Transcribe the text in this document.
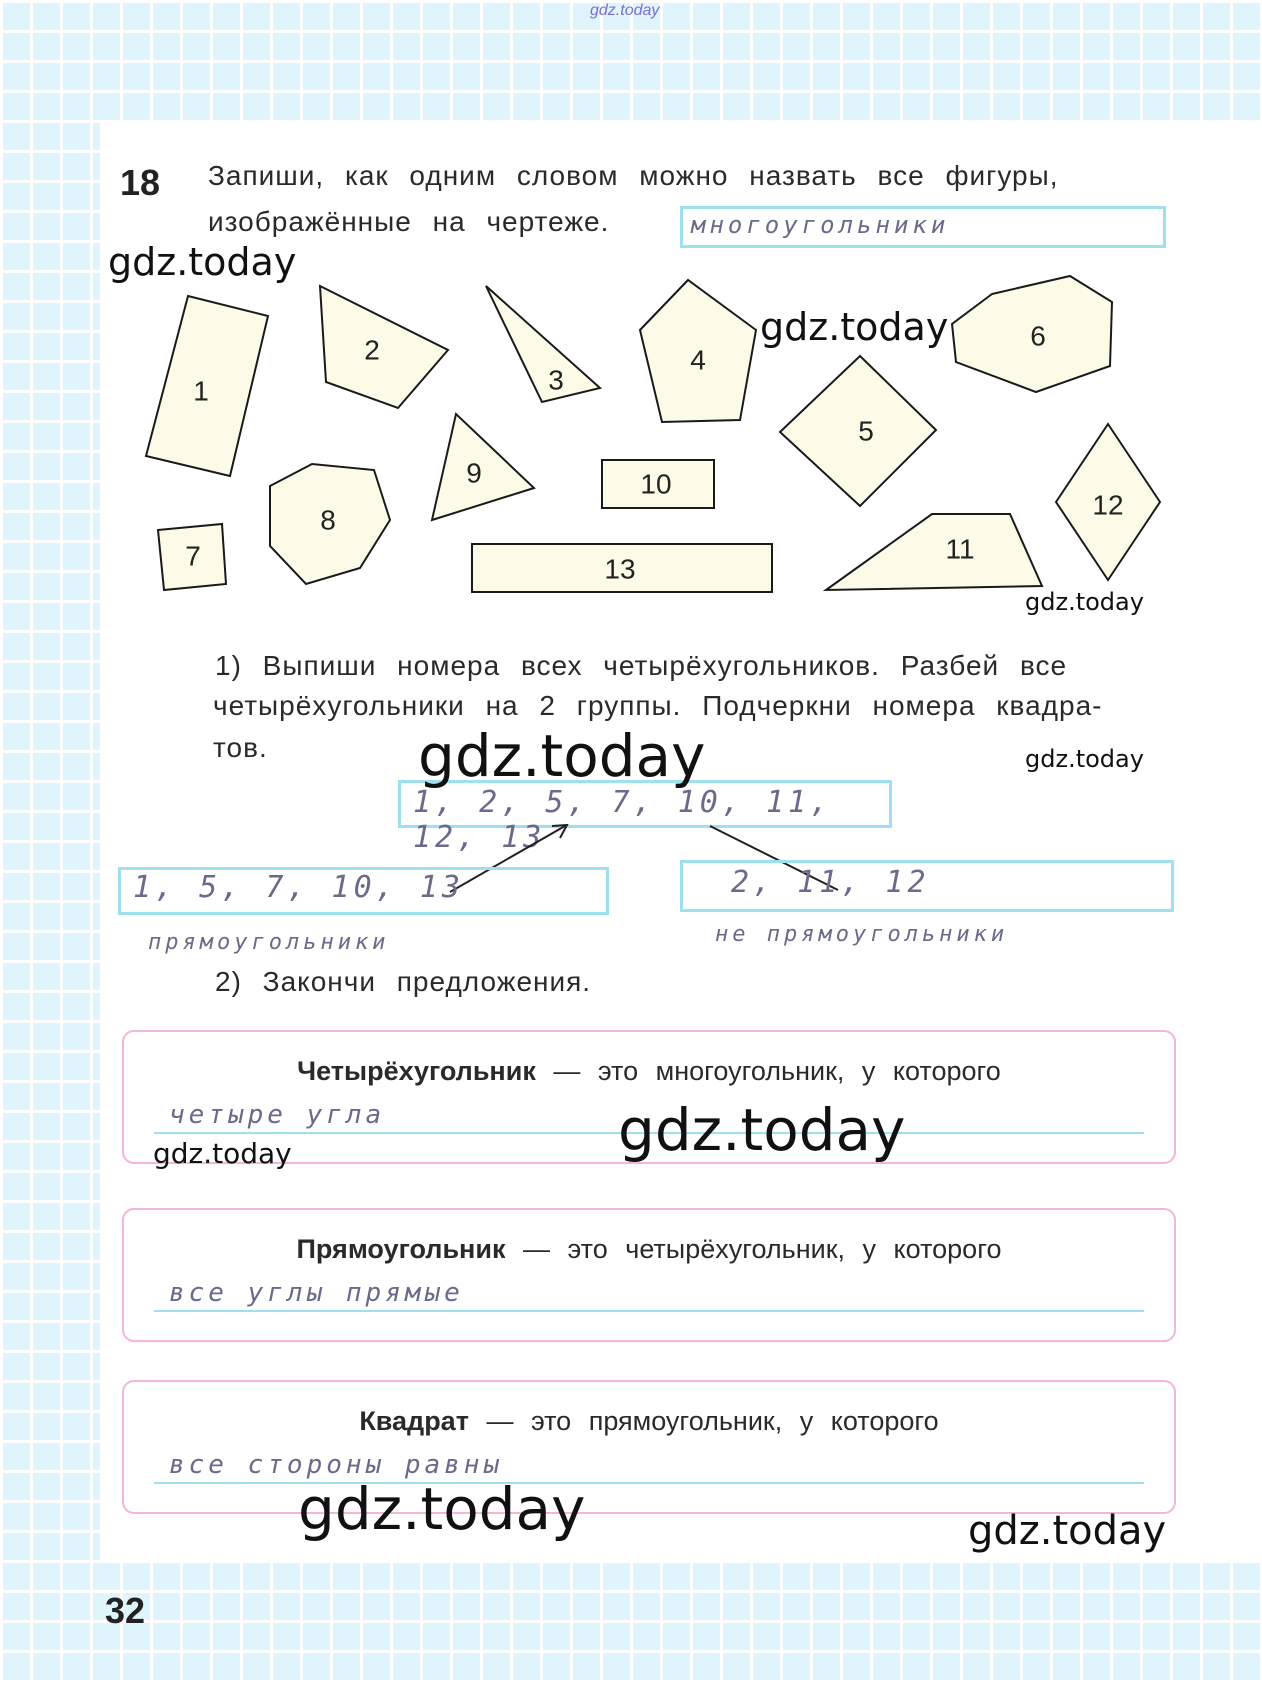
gdz.today
18 Запиши, как одним словом можно назвать все фигуры,
изображённые на чертеже.	многоугольники
1
2
3
4
5
6
7
8
9	10
11
12
13
1) Выпиши номера всех четырёхугольников. Разбей все
четырёхугольники на 2 группы. Подчеркни номера квадра-
тов.
1, 2, 5, 7, 10, 11, 12, 13
1, 5, 7, 10, 13
прямоугольники
2, 11, 12
не прямоугольники
2) Закончи предложения.
Четырёхугольник — это многоугольник, у которого
четыре угла
Прямоугольник — это четырёхугольник, у которого
все углы прямые
Квадрат — это прямоугольник, у которого
все стороны равны
32
gdz.today
gdz.today
gdz.today
gdz.today	gdz.today
gdz.today
gdz.today
gdz.today	gdz.today
